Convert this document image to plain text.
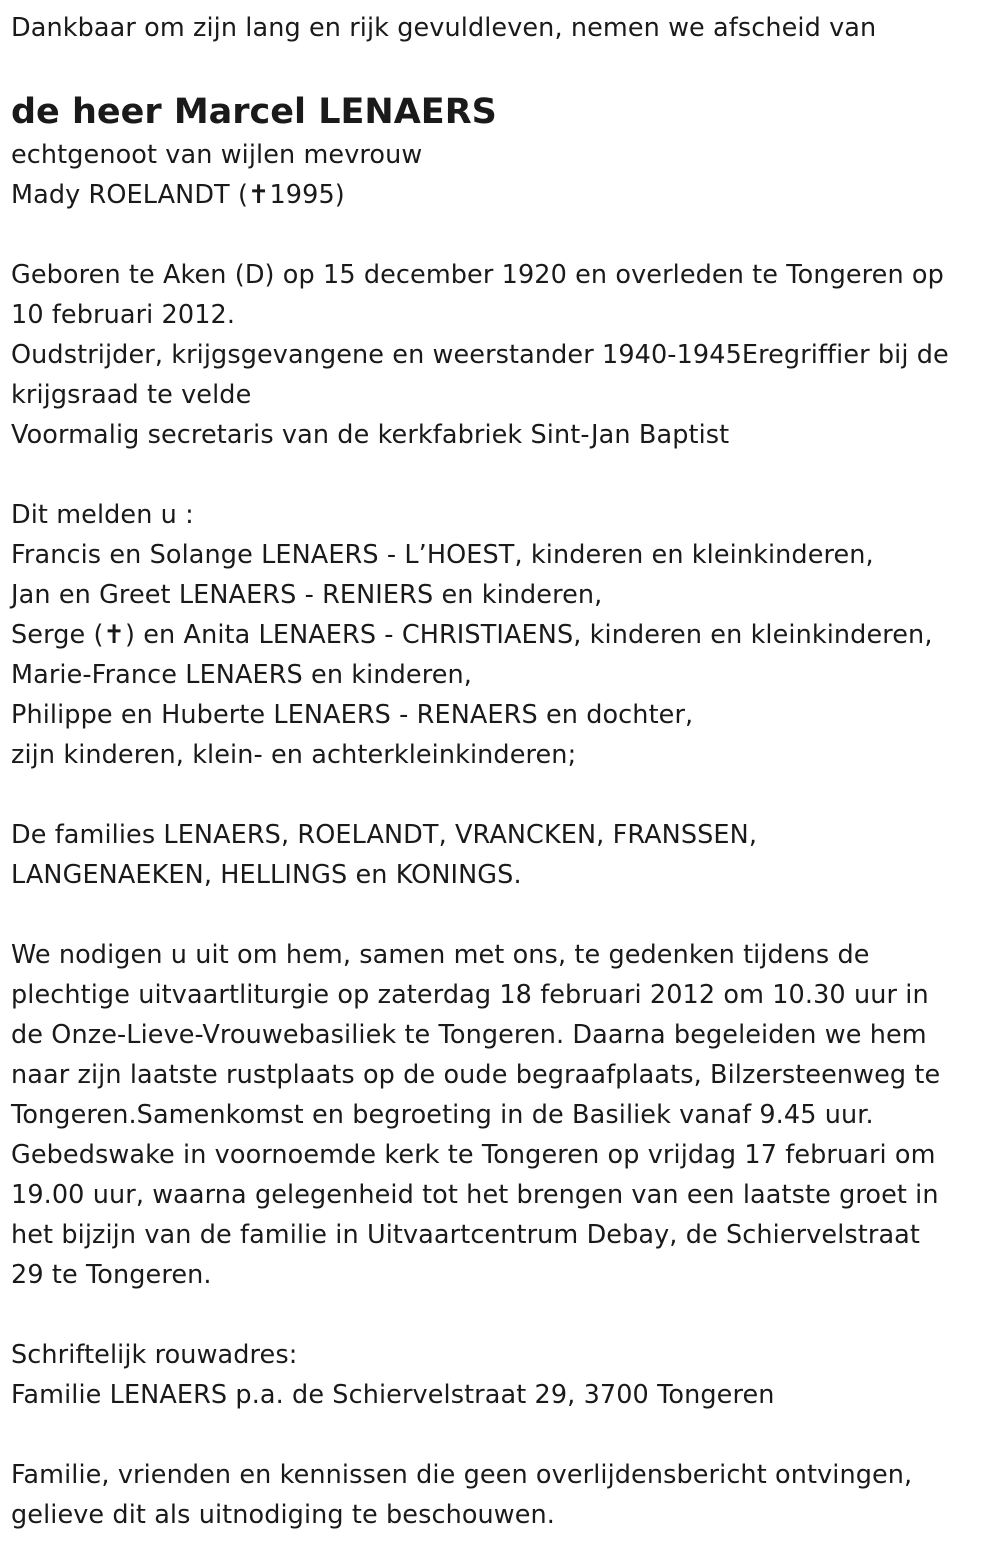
Dankbaar om zijn lang en rijk gevuldleven, nemen we afscheid van
de heer Marcel LENAERS
echtgenoot van wijlen mevrouw
Mady ROELANDT (✝1995)
Geboren te Aken (D) op 15 december 1920 en overleden te Tongeren op
10 februari 2012.
Oudstrijder, krijgsgevangene en weerstander 1940-1945Eregriffier bij de
krijgsraad te velde
Voormalig secretaris van de kerkfabriek Sint-Jan Baptist
Dit melden u :
Francis en Solange LENAERS - L’HOEST, kinderen en kleinkinderen,
Jan en Greet LENAERS - RENIERS en kinderen,
Serge (✝) en Anita LENAERS - CHRISTIAENS, kinderen en kleinkinderen,
Marie-France LENAERS en kinderen,
Philippe en Huberte LENAERS - RENAERS en dochter,
zijn kinderen, klein- en achterkleinkinderen;
De families LENAERS, ROELANDT, VRANCKEN, FRANSSEN,
LANGENAEKEN, HELLINGS en KONINGS.
We nodigen u uit om hem, samen met ons, te gedenken tijdens de
plechtige uitvaartliturgie op zaterdag 18 februari 2012 om 10.30 uur in
de Onze-Lieve-Vrouwebasiliek te Tongeren. Daarna begeleiden we hem
naar zijn laatste rustplaats op de oude begraafplaats, Bilzersteenweg te
Tongeren.Samenkomst en begroeting in de Basiliek vanaf 9.45 uur.
Gebedswake in voornoemde kerk te Tongeren op vrijdag 17 februari om
19.00 uur, waarna gelegenheid tot het brengen van een laatste groet in
het bijzijn van de familie in Uitvaartcentrum Debay, de Schiervelstraat
29 te Tongeren.
Schriftelijk rouwadres:
Familie LENAERS p.a. de Schiervelstraat 29, 3700 Tongeren
Familie, vrienden en kennissen die geen overlijdensbericht ontvingen,
gelieve dit als uitnodiging te beschouwen.
